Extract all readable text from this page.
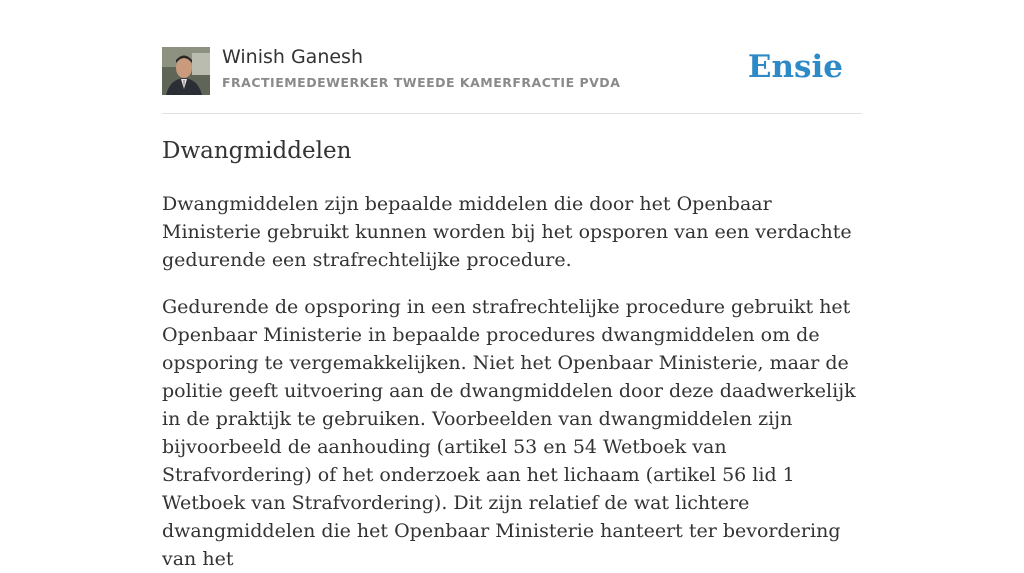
Winish Ganesh
FRACTIEMEDEWERKER TWEEDE KAMERFRACTIE PVDA	Ensie
Dwangmiddelen

Dwangmiddelen zijn bepaalde middelen die door het Openbaar Ministerie gebruikt kunnen worden bij het opsporen van een verdachte gedurende een strafrechtelijke procedure.

Gedurende de opsporing in een strafrechtelijke procedure gebruikt het Openbaar Ministerie in bepaalde procedures dwangmiddelen om de opsporing te vergemakkelijken. Niet het Openbaar Ministerie, maar de politie geeft uitvoering aan de dwangmiddelen door deze daadwerkelijk in de praktijk te gebruiken. Voorbeelden van dwangmiddelen zijn bijvoorbeeld de aanhouding (artikel 53 en 54 Wetboek van Strafvordering) of het onderzoek aan het lichaam (artikel 56 lid 1 Wetboek van Strafvordering). Dit zijn relatief de wat lichtere dwangmiddelen die het Openbaar Ministerie hanteert ter bevordering van het
